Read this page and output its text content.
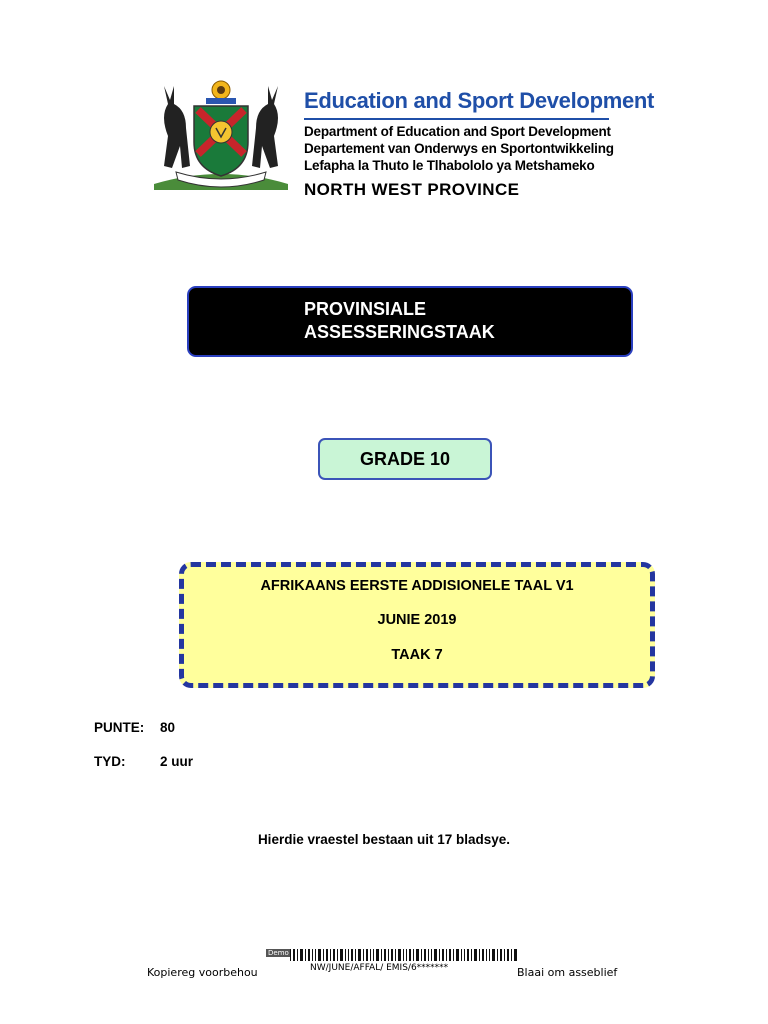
Education and Sport Development
Department of Education and Sport Development
Departement van Onderwys en Sportontwikkeling
Lefapha la Thuto le Tlhabololo ya Metshameko
NORTH WEST PROVINCE
PROVINSIALE
ASSESSERINGSTAAK
GRADE 10
AFRIKAANS EERSTE ADDISIONELE TAAL V1
JUNIE 2019
TAAK 7
PUNTE: 80
TYD:	2 uur
Hierdie vraestel bestaan uit 17 bladsye.
Demo
Kopiereg voorbehou	NW/JUNE/AFFAL/ EMIS/6*******	Blaai om asseblief
